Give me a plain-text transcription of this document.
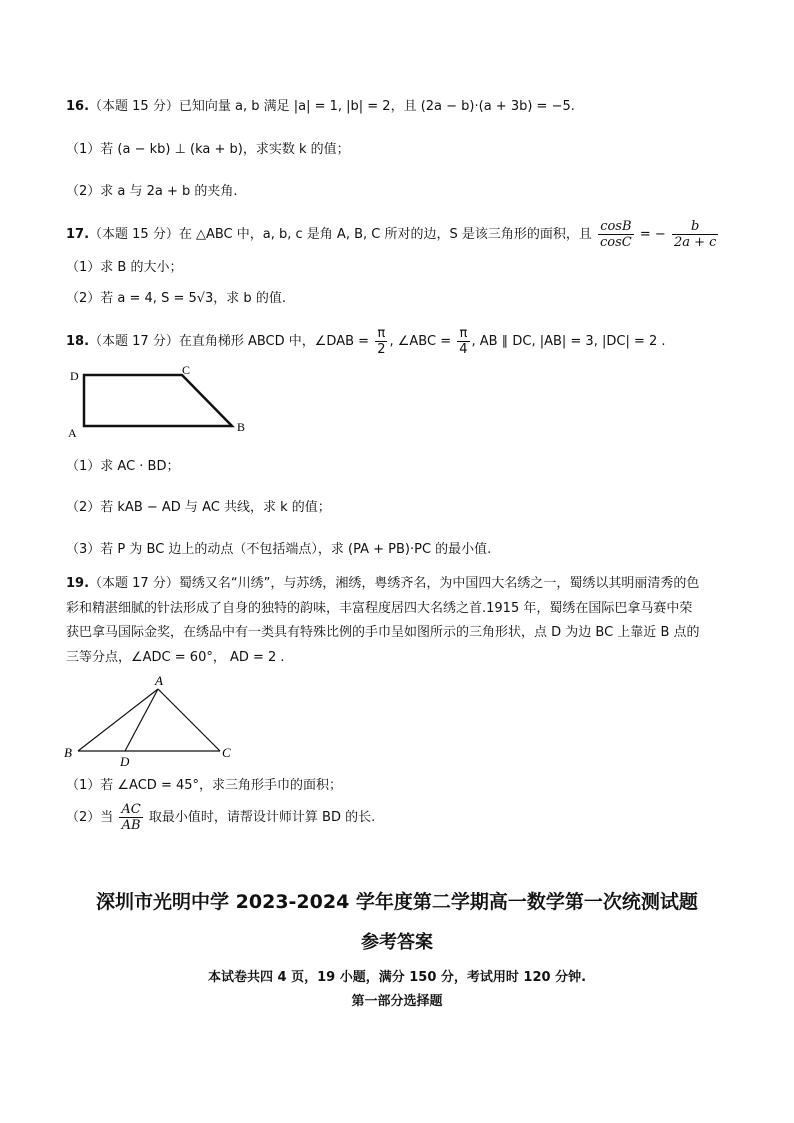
16.（本题 15 分）已知向量 a, b 满足 |a| = 1, |b| = 2，且 (2a − b)·(a + 3b) = −5.
（1）若 (a − kb) ⊥ (ka + b)，求实数 k 的值；
（2）求 a 与 2a + b 的夹角.
17.（本题 15 分）在 △ABC 中，a, b, c 是角 A, B, C 所对的边，S 是该三角形的面积，且 $\frac{\cos B}{\cos C}$ = − $\frac{b}{2a + c}$
（1）求 B 的大小；
（2）若 a = 4, S = 5√3，求 b 的值.
18.（本题 17 分）在直角梯形 ABCD 中，∠DAB = $\frac{\pi}{2}$ , ∠ABC = $\frac{\pi}{4}$ , AB ∥ DC, |AB| = 3, |DC| = 2 .
D	C
A	B
（1）求 AC · BD；
（2）若 kAB − AD 与 AC 共线，求 k 的值；
（3）若 P 为 BC 边上的动点（不包括端点），求 (PA + PB)·PC 的最小值.
19.（本题 17 分）蜀绣又名“川绣”，与苏绣，湘绣，粤绣齐名，为中国四大名绣之一，蜀绣以其明丽清秀的色
彩和精湛细腻的针法形成了自身的独特的韵味，丰富程度居四大名绣之首.1915 年，蜀绣在国际巴拿马赛中荣
获巴拿马国际金奖，在绣品中有一类具有特殊比例的手巾呈如图所示的三角形状，点 D 为边 BC 上靠近 B 点的
三等分点，∠ADC = 60°， AD = 2 .
A
B	C
D
（1）若 ∠ACD = 45°，求三角形手巾的面积；
（2）当 $\frac{AC}{AB}$ 取最小值时，请帮设计师计算 BD 的长.
深圳市光明中学 2023-2024 学年度第二学期高一数学第一次统测试题
参考答案
本试卷共四 4 页，19 小题，满分 150 分，考试用时 120 分钟.
第一部分选择题
